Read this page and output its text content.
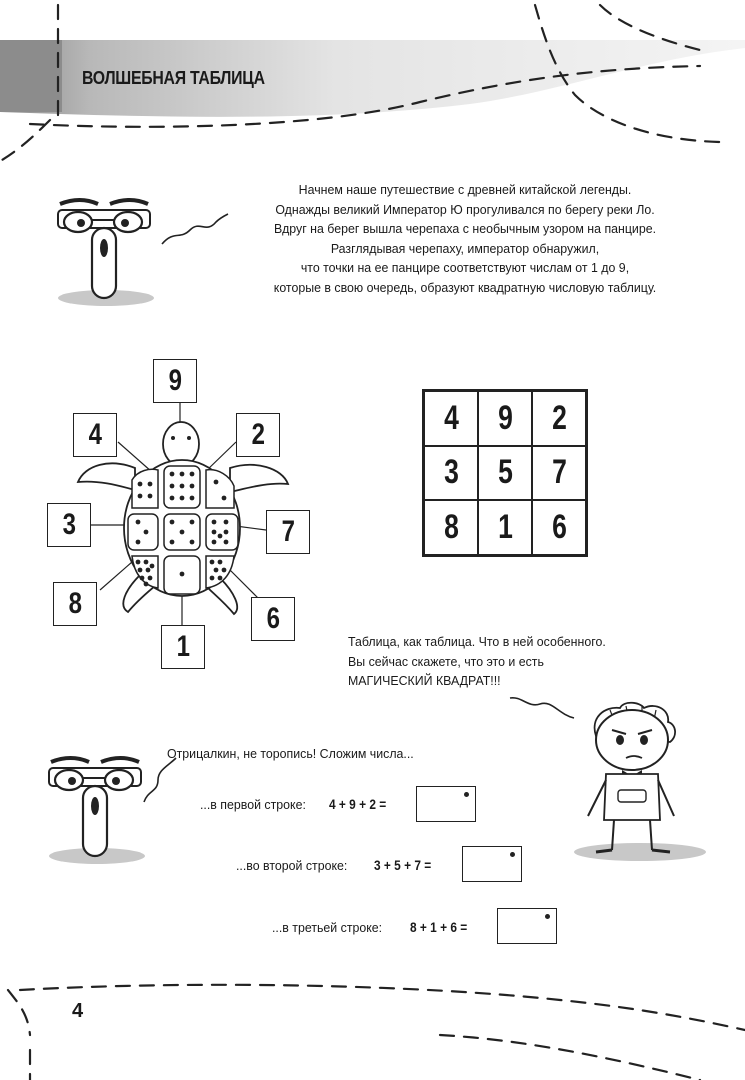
ВОЛШЕБНАЯ ТАБЛИЦА
Начнем наше путешествие с древней китайской легенды.
Однажды великий Император Ю прогуливался по берегу реки Ло.
Вдруг на берег вышла черепаха с необычным узором на панцире.
Разглядывая черепаху, император обнаружил,
что точки на ее панцире соответствуют числам от 1 до 9,
которые в свою очередь, образуют квадратную числовую таблицу.
9
4	2
3	7
8	6
1
4 9 2
3 5 7
8 1 6
Таблица, как таблица. Что в ней особенного.
Вы сейчас скажете, что это и есть
МАГИЧЕСКИЙ КВАДРАТ!!!
Отрицалкин, не торопись! Сложим числа...
...в первой строке: 4 + 9 + 2 =
...во второй строке: 3 + 5 + 7 =
...в третьей строке: 8 + 1 + 6 =
4
